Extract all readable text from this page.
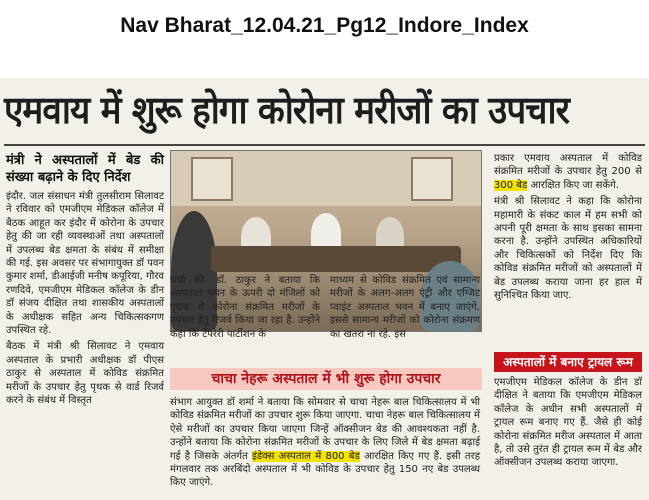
Nav Bharat_12.04.21_Pg12_Indore_Index
एमवाय में शुरू होगा कोरोना मरीजों का उपचार
मंत्री ने अस्पतालों में बेड की संख्या बढ़ाने के दिए निर्देश

इंदौर. जल संसाधन मंत्री तुलसीराम सिलावट ने रविवार को एमजीएम मेडिकल कॉलेज में बैठक आहूत कर इंदौर में कोरोना के उपचार हेतु की जा रही व्यवस्थाओं तथा अस्पतालों में उपलब्ध बेड क्षमता के संबंध में समीक्षा की गई. इस अवसर पर संभागायुक्त डॉ पवन कुमार शर्मा, डीआईजी मनीष कपूरिया, गौरव रणदिवे, एमजीएम मेडिकल कॉलेज के डीन डॉ संजय दीक्षित तथा शासकीय अस्पतालों के अधीक्षक सहित अन्य चिकित्सकगण उपस्थित रहे.

बैठक में मंत्री श्री सिलावट ने एमवाय अस्पताल के प्रभारी अधीक्षक डॉ पीएस ठाकुर से अस्पताल में कोविड संक्रमित मरीजों के उपचार हेतु पृथक से वार्ड रिजर्व करने के संबंध में विस्तृत

चर्चा की. डॉ. ठाकुर ने बताया कि अस्पताल भवन के ऊपरी दो मंजिलों को पृथक से कोरोना संक्रमित मरीजों के उपचार हेतु रिजर्व किया जा रहा है. उन्होंने कहा कि टेंपरेरी पार्टीशन के

माध्यम से कोविड संक्रमित एवं सामान्य मरीजों के अलग-अलग एंट्री और एग्जिट प्वाइंट अस्पताल भवन में बनाए जाएंगे. इससे सामान्य मरीजों को कोरोना संक्रमण का खतरा ना रहे. इस

चाचा नेहरू अस्पताल में भी शुरू होगा उपचार

संभाग आयुक्त डॉ शर्मा ने बताया कि सोमवार से चाचा नेहरू बाल चिकित्सालय में भी कोविड संक्रमित मरीजों का उपचार शुरू किया जाएगा. चाचा नेहरू बाल चिकित्सालय में ऐसे मरीजों का उपचार किया जाएगा जिन्हें ऑक्सीजन बेड की आवश्यकता नहीं है. उन्होंने बताया कि कोरोना संक्रमित मरीजों के उपचार के लिए जिले में बेड क्षमता बढ़ाई गई है जिसके अंतर्गत इंडेक्स अस्पताल में 800 बेड आरक्षित किए गए हैं. इसी तरह मंगलवार तक अरबिंदो अस्पताल में भी कोविड के उपचार हेतु 150 नए बेड उपलब्ध किए जाएंगे.

प्रकार एमवाय अस्पताल में कोविड संक्रमित मरीजों के उपचार हेतु 200 से 300 बेड आरक्षित किए जा सकेंगे.

मंत्री श्री सिलावट ने कहा कि कोरोना महामारी के संकट काल में हम सभी को अपनी पूरी क्षमता के साथ इसका सामना करना है. उन्होंने उपस्थित अधिकारियों और चिकित्सकों को निर्देश दिए कि कोविड संक्रमित मरीजों को अस्पतालों में बेड उपलब्ध कराया जाना हर हाल में सुनिश्चित किया जाए.

अस्पतालों में बनाए ट्रायल रूम

एमजीएम मेडिकल कॉलेज के डीन डॉ दीक्षित ने बताया कि एमजीएम मेडिकल कॉलेज के अधीन सभी अस्पतालों में ट्रायल रूम बनाए गए हैं. जैसे ही कोई कोरोना संक्रमित मरीज अस्पताल में आता है, तो उसे तुरंत ही ट्रायल रूम में बेड और ऑक्सीजन उपलब्ध कराया जाएगा.
